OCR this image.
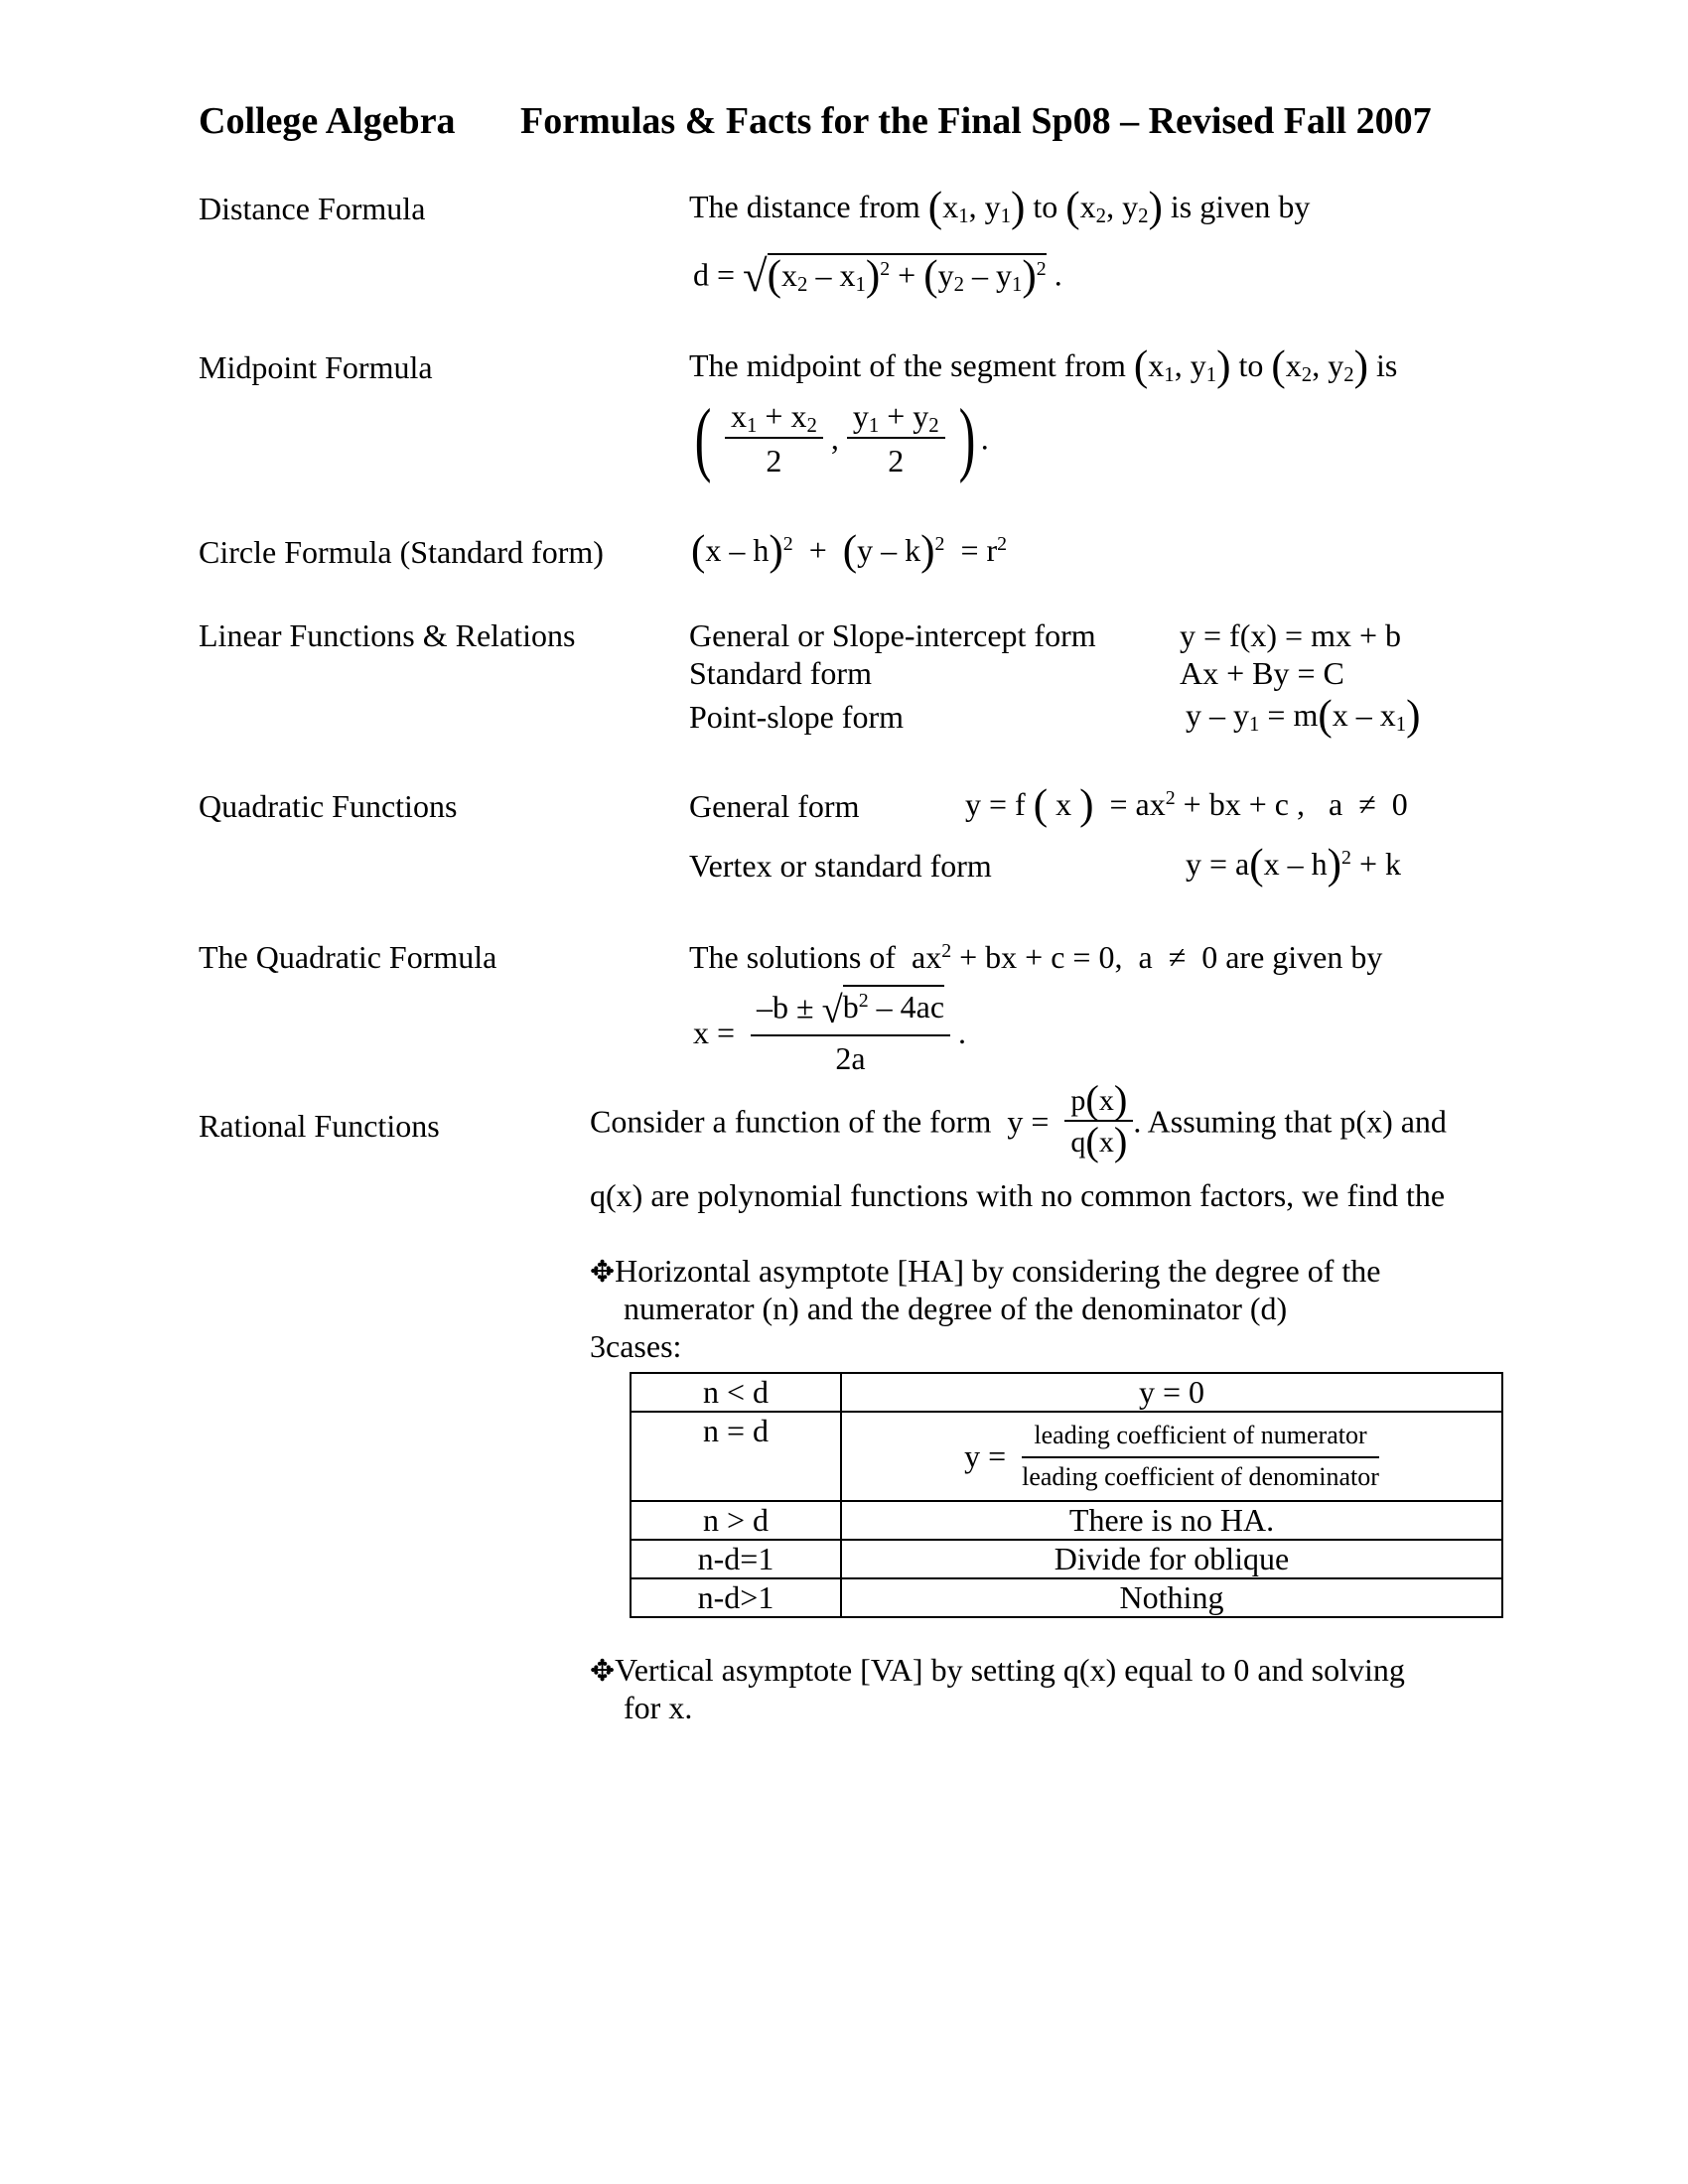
College Algebra Formulas & Facts for the Final Sp08 – Revised Fall 2007
Distance Formula	The distance from ($x_1$, $y_1$) to ($x_2$, $y_2$) is given by
$d = √(x_2 - x_1)^2 + (y_2 - y_1)^2$ .
Midpoint Formula	The midpoint of the segment from ($x_1$, $y_1$) to ($x_2$, $y_2$) is
( $\frac{x_1 + x_2}{2}$ , $\frac{y_1 + y_2}{2}$ ) .
Circle Formula (Standard form) $(x - h)^2 + (y - k)^2 = r^2$
Linear Functions & Relations	General or Slope-intercept form	y = f(x) = mx + b
Standard form	Ax + By = C
Point-slope form	$y - y_1 = m(x - x_1)$
Quadratic Functions	General form	y = f ( x )  = $ax^2$ + bx + c ,   a  ≠  0
Vertex or standard form	y = a(x – h)$^2$ + k
The Quadratic Formula	The solutions of  $ax^2$ + bx + c = 0,  a  ≠  0 are given by
$x = \frac{-b \pm √b^2 - 4ac}{2a}$ .
Rational Functions	Consider a function of the form  $y = \frac{p(x)}{q(x)}$ . Assuming that p(x) and
q(x) are polynomial functions with no common factors, we find the
✥Horizontal asymptote [HA] by considering the degree of the
numerator (n) and the degree of the denominator (d)
3cases:
n < d	y = 0
n = d	$y = \frac{\text{leading coefficient of numerator}}{\text{leading coefficient of denominator}}$

n > d	There is no HA.
n-d=1	Divide for oblique
n-d>1	Nothing
✥Vertical asymptote [VA] by setting q(x) equal to 0 and solving
for x.
